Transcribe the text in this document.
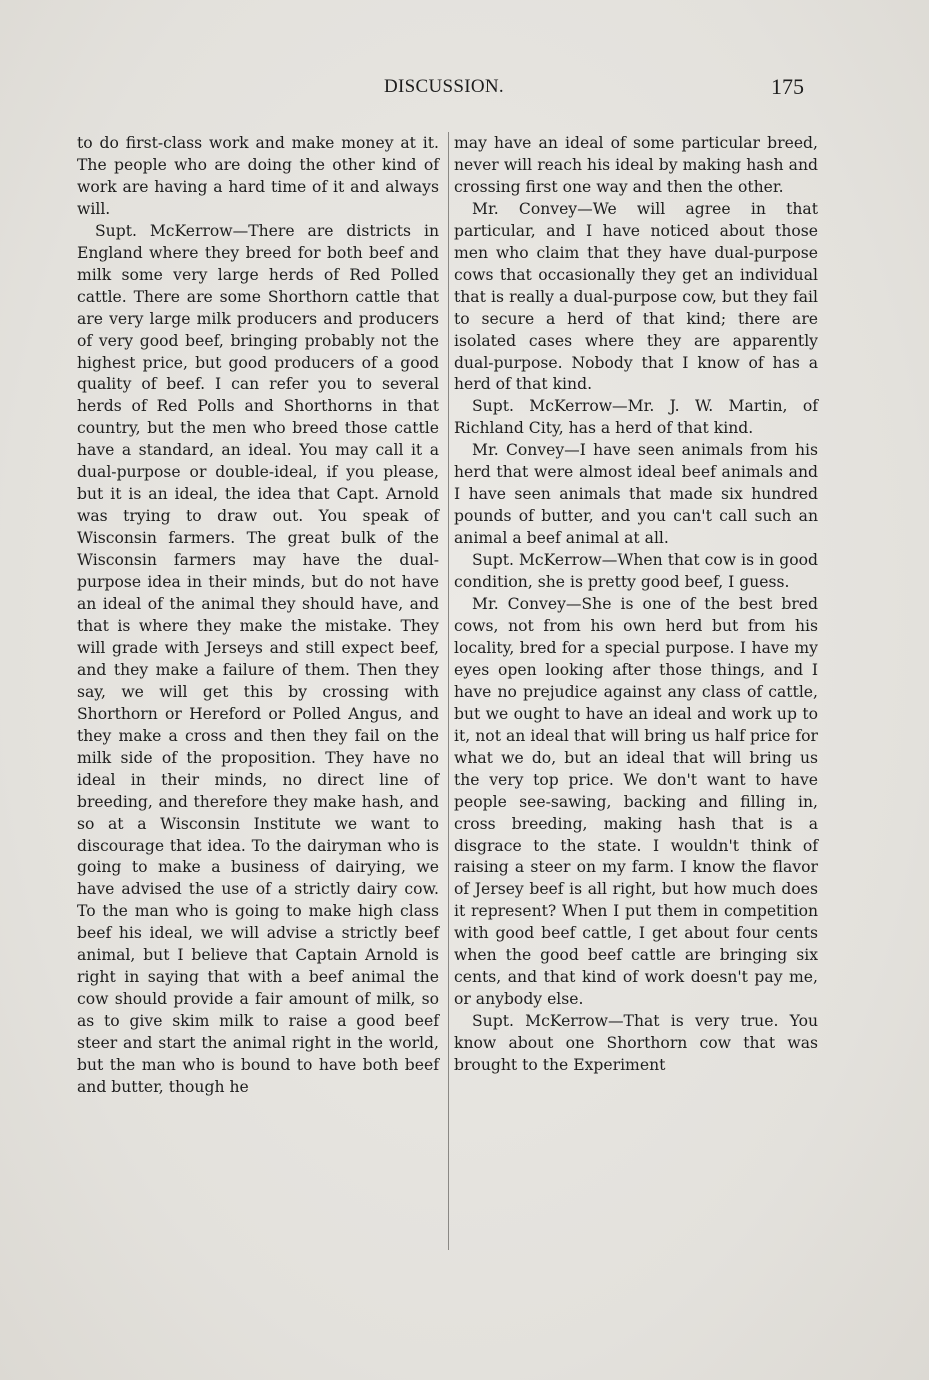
DISCUSSION.	175

to do first-class work and make money at it. The people who are doing the other kind of work are having a hard time of it and always will.

Supt. McKerrow—There are districts in England where they breed for both beef and milk some very large herds of Red Polled cattle. There are some Shorthorn cattle that are very large milk producers and producers of very good beef, bringing probably not the highest price, but good producers of a good quality of beef. I can refer you to several herds of Red Polls and Shorthorns in that country, but the men who breed those cattle have a standard, an ideal. You may call it a dual-purpose or double-ideal, if you please, but it is an ideal, the idea that Capt. Arnold was trying to draw out. You speak of Wisconsin farmers. The great bulk of the Wisconsin farmers may have the dual-purpose idea in their minds, but do not have an ideal of the animal they should have, and that is where they make the mistake. They will grade with Jerseys and still expect beef, and they make a failure of them. Then they say, we will get this by crossing with Shorthorn or Hereford or Polled Angus, and they make a cross and then they fail on the milk side of the proposition. They have no ideal in their minds, no direct line of breeding, and therefore they make hash, and so at a Wisconsin Institute we want to discourage that idea. To the dairyman who is going to make a business of dairying, we have advised the use of a strictly dairy cow. To the man who is going to make high class beef his ideal, we will advise a strictly beef animal, but I believe that Captain Arnold is right in saying that with a beef animal the cow should provide a fair amount of milk, so as to give skim milk to raise a good beef steer and start the animal right in the world, but the man who is bound to have both beef and butter, though he

may have an ideal of some particular breed, never will reach his ideal by making hash and crossing first one way and then the other.

Mr. Convey—We will agree in that particular, and I have noticed about those men who claim that they have dual-purpose cows that occasionally they get an individual that is really a dual-purpose cow, but they fail to secure a herd of that kind; there are isolated cases where they are apparently dual-purpose. Nobody that I know of has a herd of that kind.

Supt. McKerrow—Mr. J. W. Martin, of Richland City, has a herd of that kind.

Mr. Convey—I have seen animals from his herd that were almost ideal beef animals and I have seen animals that made six hundred pounds of butter, and you can't call such an animal a beef animal at all.

Supt. McKerrow—When that cow is in good condition, she is pretty good beef, I guess.

Mr. Convey—She is one of the best bred cows, not from his own herd but from his locality, bred for a special purpose. I have my eyes open looking after those things, and I have no prejudice against any class of cattle, but we ought to have an ideal and work up to it, not an ideal that will bring us half price for what we do, but an ideal that will bring us the very top price. We don't want to have people see-sawing, backing and filling in, cross breeding, making hash that is a disgrace to the state. I wouldn't think of raising a steer on my farm. I know the flavor of Jersey beef is all right, but how much does it represent? When I put them in competition with good beef cattle, I get about four cents when the good beef cattle are bringing six cents, and that kind of work doesn't pay me, or anybody else.

Supt. McKerrow—That is very true. You know about one Shorthorn cow that was brought to the Experiment
